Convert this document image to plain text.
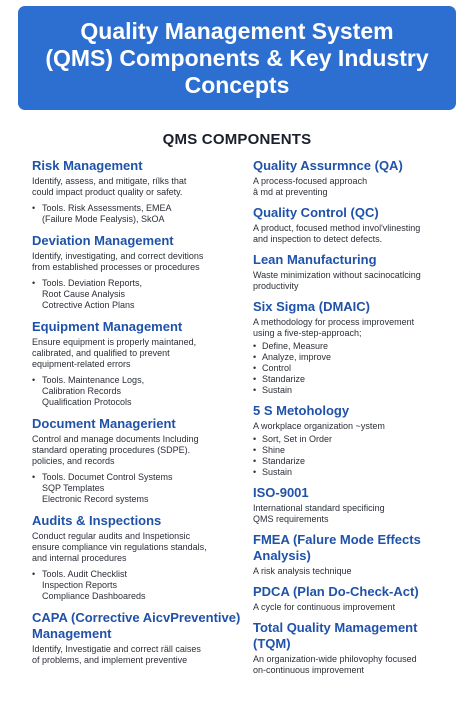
Quality Management System
(QMS) Components & Key Industry
Concepts
QMS COMPONENTS
Risk Management
Identify, assess, and mitigate, rílks that
could impact product quality or safety.
• Tools. Risk Assessments, EMEA
(Failure Mode Fealysis), SkOA
Deviation Management
Identify, investigating, and correct devitions
from established processes or procedures
• Tools. Deviation Reports,
Root Cause Analysis
Cotrective Action Plans
Equipment Management
Ensure equipment is properly maintaned,
calibrated, and qualified to prevent
equipment-related errors
• Tools. Maintenance Logs,
Calibration Records
Qualification Protocols
Document Managerient
Control and manage documents Including
standard operating procedures (SDPE).
policies, and records
• Tools. Documet Control Systems
SQP Templates
Electronic Record systems
Audits & Inspections
Conduct regular audits and Inspetionsic
ensure compliance vin regulations standals,
and internal procedures
• Tools. Audit Checklist
Inspection Reports
Compliance Dashboareds
CAPA (Corrective AicvPreventive)
Management
Identify, Investigatie and correct räll caises
of problems, and implement preventive
Quality Assurmnce (QA)
A process-focused approach
â md at preventing
Quality Control (QC)
A product, focused method invol'vlinesting
and inspection to detect defects.
Lean Manufacturing
Waste minimization without sacinocatlcing
productivity
Six Sigma (DMAIC)
A methodology for process improvement
using a five-step-approach;
• Define, Measure
• Analyze, improve
• Control
• Standarize
• Sustain
5 S Metohology
A workplace organization ~ystem
• Sort, Set in Order
• Shine
• Standarize
• Sustain
ISO-9001
International standard specificing
QMS requirements
FMEA (Falure Mode Effects Analysis)
A risk analysis technique
PDCA (Plan Do-Check-Act)
A cycle for continuous improvement
Total Quality Mamagement (TQM)
An organization-wide philovophy focused
on-continuous improvement
